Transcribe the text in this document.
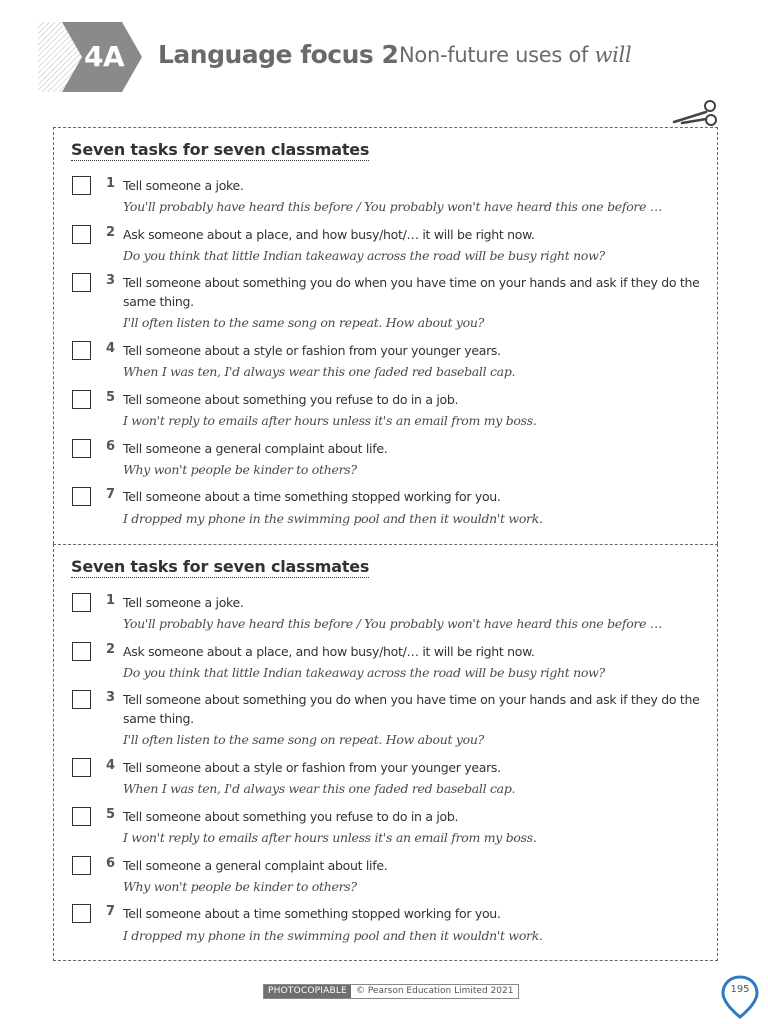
4A	Language focus 2 Non-future uses of will
Seven tasks for seven classmates
1 Tell someone a joke.
You'll probably have heard this before / You probably won't have heard this one before …
2 Ask someone about a place, and how busy/hot/… it will be right now.
Do you think that little Indian takeaway across the road will be busy right now?
3 Tell someone about something you do when you have time on your hands and ask if they do the same thing.
I'll often listen to the same song on repeat. How about you?
4 Tell someone about a style or fashion from your younger years.
When I was ten, I'd always wear this one faded red baseball cap.
5 Tell someone about something you refuse to do in a job.
I won't reply to emails after hours unless it's an email from my boss.
6 Tell someone a general complaint about life.
Why won't people be kinder to others?
7 Tell someone about a time something stopped working for you.
I dropped my phone in the swimming pool and then it wouldn't work.
Seven tasks for seven classmates
1 Tell someone a joke.
You'll probably have heard this before / You probably won't have heard this one before …
2 Ask someone about a place, and how busy/hot/… it will be right now.
Do you think that little Indian takeaway across the road will be busy right now?
3 Tell someone about something you do when you have time on your hands and ask if they do the same thing.
I'll often listen to the same song on repeat. How about you?
4 Tell someone about a style or fashion from your younger years.
When I was ten, I'd always wear this one faded red baseball cap.
5 Tell someone about something you refuse to do in a job.
I won't reply to emails after hours unless it's an email from my boss.
6 Tell someone a general complaint about life.
Why won't people be kinder to others?
7 Tell someone about a time something stopped working for you.
I dropped my phone in the swimming pool and then it wouldn't work.
PHOTOCOPIABLE	© Pearson Education Limited 2021	195
